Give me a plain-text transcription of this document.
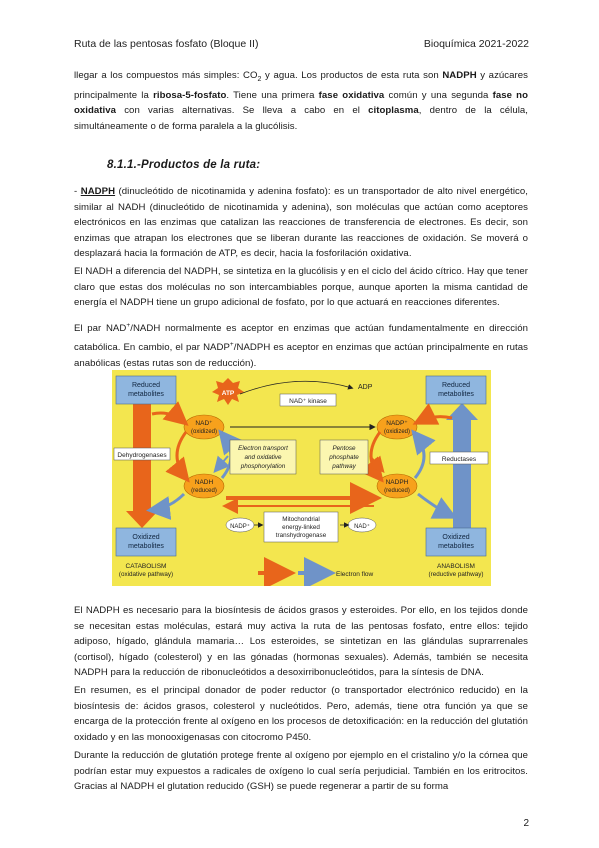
Ruta de las pentosas fosfato (Bloque II)	Bioquímica 2021-2022
llegar a los compuestos más simples: $CO_2$ y agua. Los productos de esta ruta son NADPH y azúcares principalmente la ribosa-5-fosfato. Tiene una primera fase oxidativa común y una segunda fase no oxidativa con varias alternativas. Se lleva a cabo en el citoplasma, dentro de la célula, simultáneamente o de forma paralela a la glucólisis.
8.1.1.-Productos de la ruta:
- NADPH (dinucleótido de nicotinamida y adenina fosfato): es un transportador de alto nivel energético, similar al NADH (dinucleótido de nicotinamida y adenina), son moléculas que actúan como aceptores electrónicos en las enzimas que catalizan las reacciones de transferencia de electrones. Es decir, son enzimas que atrapan los electrones que se liberan durante las reacciones de oxidación. Se moverá o desplazará hacia la formación de ATP, es decir, hacia la fosforilación oxidativa.
El NADH a diferencia del NADPH, se sintetiza en la glucólisis y en el ciclo del ácido cítrico. Hay que tener claro que estas dos moléculas no son intercambiables porque, aunque aporten la misma cantidad de energía el NADPH tiene un grupo adicional de fosfato, por lo que actuará en reacciones diferentes.
El par NAD+/NADH normalmente es aceptor en enzimas que actúan fundamentalmente en dirección catabólica. En cambio, el par NADP+/NADPH es aceptor en enzimas que actúan principalmente en rutas anabólicas (estas rutas son de reducción).
Reduced
metabolites
Reduced
metabolites
Oxidized
metabolites
Oxidized
metabolites
Dehydrogenases
Reductases
ATP
ADP
NAD⁺ kinase
NAD⁺
(oxidized)
NADP⁺
(oxidized)
NADH
(reduced)
NADPH
(reduced)
Electron transport
and oxidative
phosphorylation
Pentose
phosphate
pathway
Mitochondrial
energy-linked
transhydrogenase
NADP⁺	NAD⁺
CATABOLISM
(oxidative pathway)
ANABOLISM
(reductive pathway)
Electron flow
El NADPH es necesario para la biosíntesis de ácidos grasos y esteroides. Por ello, en los tejidos donde se necesitan estas moléculas, estará muy activa la ruta de las pentosas fosfato, entre ellos: tejido adiposo, hígado, glándula mamaria… Los esteroides, se sintetizan en las glándulas suprarrenales (cortisol), hígado (colesterol) y en las gónadas (hormonas sexuales). Además, también se necesita NADPH para la reducción de ribonucleótidos a desoxirribonucleótidos, para la síntesis de DNA.
En resumen, es el principal donador de poder reductor (o transportador electrónico reducido) en la biosíntesis de: ácidos grasos, colesterol y nucleótidos. Pero, además, tiene otra función ya que se encarga de la protección frente al oxígeno en los procesos de detoxificación: en la reducción del glutatión oxidado y en las monooxigenasas con citocromo P450.
Durante la reducción de glutatión protege frente al oxígeno por ejemplo en el cristalino y/o la córnea que podrían estar muy expuestos a radicales de oxígeno lo cual sería perjudicial. También en los eritrocitos. Gracias al NADPH el glutation reducido (GSH) se puede regenerar a partir de su forma
2
